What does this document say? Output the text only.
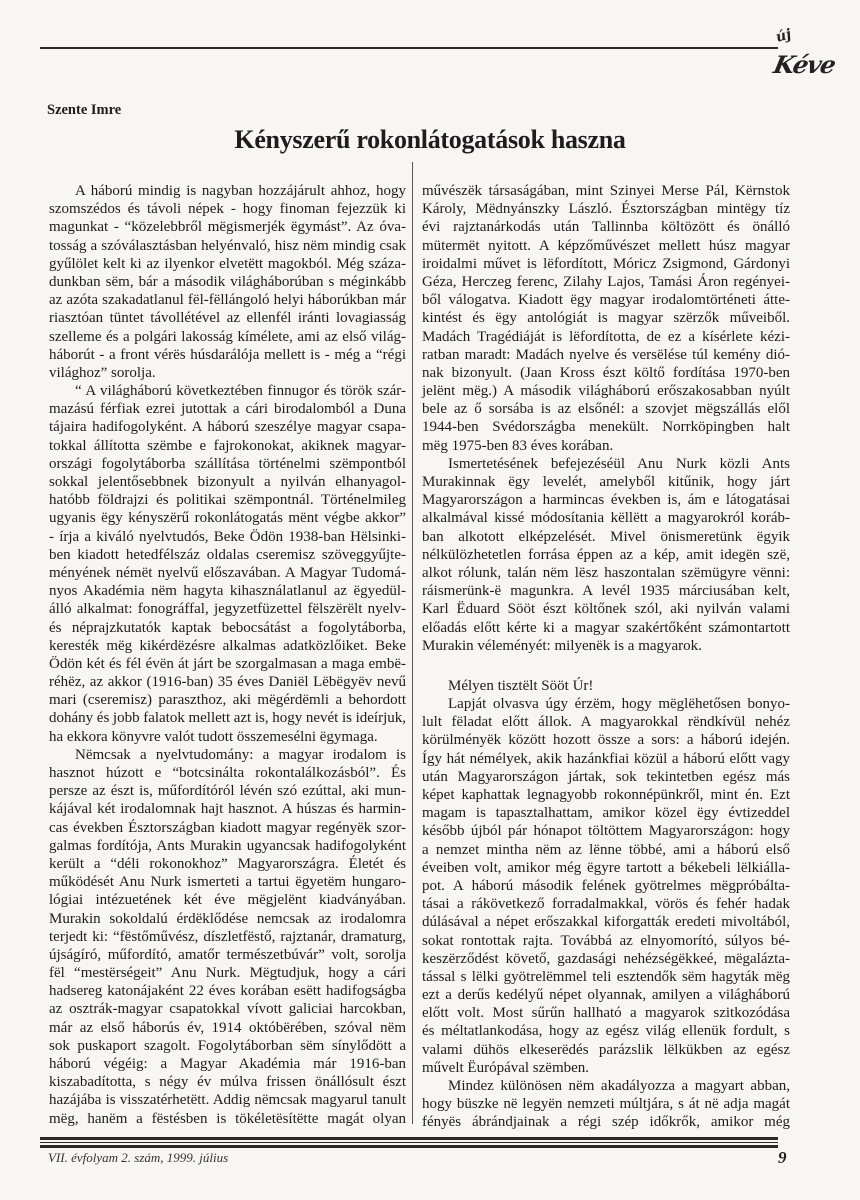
új
Kéve
Szente Imre
Kényszerű rokonlátogatások haszna
A háború mindig is nagyban hozzájárult ahhoz, hogy
szomszédos és távoli népek - hogy finoman fejezzük ki
magunkat - “közelebbről mëgismerjék ëgymást”. Az óva-
tosság a szóválasztásban helyénvaló, hisz nëm mindig csak
gyűlölet kelt ki az ilyenkor elvetëtt magokból. Még száza-
dunkban sëm, bár a második világháborúban s méginkább
az azóta szakadatlanul fël-fëllángoló helyi háborúkban már
riasztóan tüntet távollétével az ellenfél iránti lovagiasság
szelleme és a polgári lakosság kímélete, ami az első világ-
háborút - a front vérës húsdarálója mellett is - még a “régi
világhoz” sorolja.
“ A világháború következtében finnugor és török szár-
mazású férfiak ezrei jutottak a cári birodalomból a Duna
tájaira hadifogolyként. A háború szeszélye magyar csapa-
tokkal állította szëmbe e fajrokonokat, akiknek magyar-
országi fogolytáborba szállítása történelmi szëmpontból
sokkal jelentősebbnek bizonyult a nyilván elhanyagol-
hatóbb földrajzi és politikai szëmpontnál. Történelmileg
ugyanis ëgy kényszërű rokonlátogatás mënt végbe akkor”
- írja a kiváló nyelvtudós, Beke Ödön 1938-ban Hëlsinki-
ben kiadott hetedfélszáz oldalas cseremisz szöveggyűjte-
ményének némët nyelvű előszavában. A Magyar Tudomá-
nyos Akadémia nëm hagyta kihasználatlanul az ëgyedül-
álló alkalmat: fonográffal, jegyzetfüzettel fëlszërëlt nyelv-
és néprajzkutatók kaptak bebocsátást a fogolytáborba,
keresték mëg kikérdëzésre alkalmas adatközlőiket. Beke
Ödön két és fél évën át járt be szorgalmasan a maga embë-
réhëz, az akkor (1916-ban) 35 éves Daniël Lëbëgyëv nevű
mari (cseremisz) paraszthoz, aki mëgérdëmli a behordott
dohány és jobb falatok mellett azt is, hogy nevét is ideírjuk,
ha ekkora könyvre valót tudott összemesélni ëgymaga.
Nëmcsak a nyelvtudomány: a magyar irodalom is
hasznot húzott e “botcsinálta rokontalálkozásból”. És
persze az észt is, műfordítóról lévén szó ezúttal, aki mun-
kájával két irodalomnak hajt hasznot. A húszas és harmin-
cas években Észtországban kiadott magyar regényëk szor-
galmas fordítója, Ants Murakin ugyancsak hadifogolyként
került a “déli rokonokhoz” Magyarországra. Életét és
működését Anu Nurk ismerteti a tartui ëgyetëm hungaro-
lógiai intézuetének két éve mëgjelënt kiadványában.
Murakin sokoldalú érdëklődése nemcsak az irodalomra
terjedt ki: “fëstőművész, díszletfëstő, rajztanár, dramaturg,
újságíró, műfordító, amatőr természetbúvár” volt, sorolja
fël “mestërségeit” Anu Nurk. Mëgtudjuk, hogy a cári
hadsereg katonájaként 22 éves korában esëtt hadifogságba
az osztrák-magyar csapatokkal vívott galiciai harcokban,
már az első háborús év, 1914 októbërében, szóval nëm
sok puskaport szagolt. Fogolytáborban sëm sínylődött a
háború végéig: a Magyar Akadémia már 1916-ban
kiszabadította, s négy év múlva frissen önállósult észt
hazájába is visszatérhetëtt. Addig nëmcsak magyarul tanult
mëg, hanëm a fëstésben is tökéletësítëtte magát olyan
művészëk társaságában, mint Szinyei Merse Pál, Kërnstok
Károly, Mëdnyánszky László. Észtországban mintëgy tíz
évi rajztanárkodás után Tallinnba költözött és önálló
mütermët nyitott. A képzőművészet mellett húsz magyar
iroidalmi művet is lëfordított, Móricz Zsigmond, Gárdonyi
Géza, Herczeg ferenc, Zilahy Lajos, Tamási Áron regényei-
ből válogatva. Kiadott ëgy magyar irodalomtörténeti átte-
kintést és ëgy antológiát is magyar szërzők műveiből.
Madách Tragédiáját is lëfordította, de ez a kísérlete kézi-
ratban maradt: Madách nyelve és versëlése túl kemény dió-
nak bizonyult. (Jaan Kross észt költő fordítása 1970-ben
jelënt mëg.) A második világháború erőszakosabban nyúlt
bele az ő sorsába is az elsőnél: a szovjet mëgszállás elől
1944-ben Svédországba menekült. Norrköpingben halt
mëg 1975-ben 83 éves korában.
Ismertetésének befejezéséül Anu Nurk közli Ants
Murakinnak ëgy levelét, amelyből kitűnik, hogy járt
Magyarországon a harmincas években is, ám e látogatásai
alkalmával kissé módosítania këllëtt a magyarokról koráb-
ban alkotott elképzelését. Mivel önismeretünk ëgyik
nélkülözhetetlen forrása éppen az a kép, amit idegën szë,
alkot rólunk, talán nëm lësz haszontalan szëmügyre vënni:
ráismerünk-ë magunkra. A levél 1935 márciusában kelt,
Karl Ëduard Sööt észt költőnek szól, aki nyilván valami
előadás előtt kérte ki a magyar szakértőként számontartott
Murakin véleményét: milyenëk is a magyarok.
Mélyen tisztëlt Sööt Úr!
Lapját olvasva úgy érzëm, hogy mëglëhetősen bonyo-
lult fëladat előtt állok. A magyarokkal rëndkívül nehéz
körülményëk között hozott össze a sors: a háború idején.
Így hát némélyek, akik hazánkfiai közül a háború előtt vagy
után Magyarországon jártak, sok tekintetben egész más
képet kaphattak legnagyobb rokonnépünkről, mint én. Ezt
magam is tapasztalhattam, amikor közel ëgy évtizeddel
később újból pár hónapot töltöttem Magyarországon: hogy
a nemzet mintha nëm az lënne többé, ami a háború első
éveiben volt, amikor még ëgyre tartott a békebeli lëlkiálla-
pot. A háború második felének gyötrelmes mëgpróbálta-
tásai a rákövetkező forradalmakkal, vörös és fehér hadak
dúlásával a népet erőszakkal kiforgatták eredeti mivoltából,
sokat rontottak rajta. Továbbá az elnyomorító, súlyos bé-
keszërződést követő, gazdasági nehézségëkkeé, mëgalázta-
tással s lëlki gyötrelëmmel teli esztendők sëm hagyták mëg
ezt a derűs kedélyű népet olyannak, amilyen a világháború
előtt volt. Most sűrűn hallható a magyarok szitkozódása
és méltatlankodása, hogy az egész világ ellenük fordult, s
valami dühös elkeserëdés parázslik lëlkükben az egész
művelt Ëurópával szëmben.
Mindez különösen nëm akadályozza a magyart abban,
hogy büszke në legyën nemzeti múltjára, s át në adja magát
fényës ábrándjainak a régi szép időkrők, amikor még
VII. évfolyam 2. szám, 1999. július	9
